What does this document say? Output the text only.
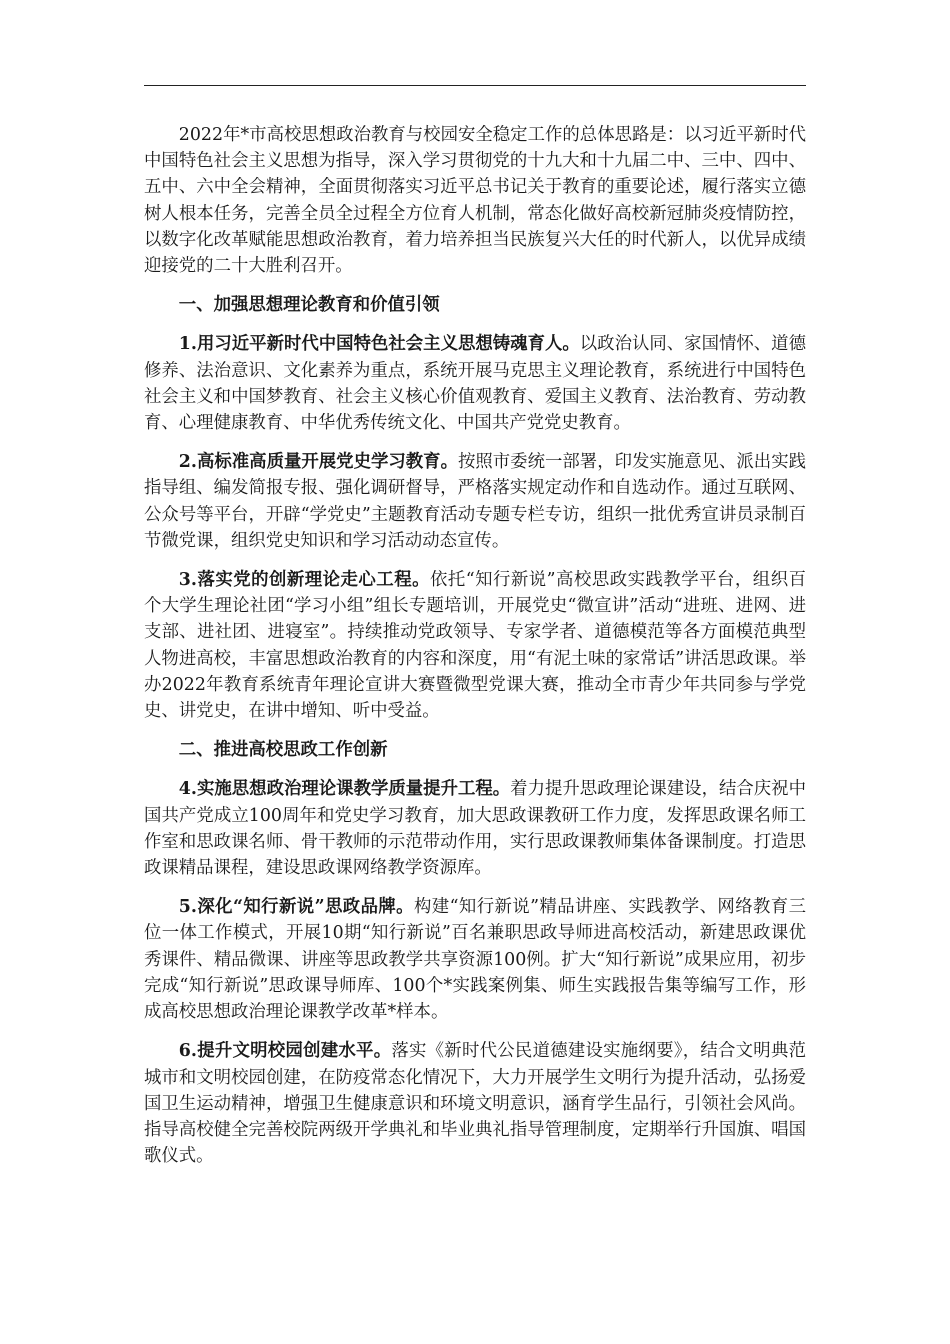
2022年*市高校思想政治教育与校园安全稳定工作的总体思路是：以习近平新时代中国特色社会主义思想为指导，深入学习贯彻党的十九大和十九届二中、三中、四中、五中、六中全会精神，全面贯彻落实习近平总书记关于教育的重要论述，履行落实立德树人根本任务，完善全员全过程全方位育人机制，常态化做好高校新冠肺炎疫情防控，以数字化改革赋能思想政治教育，着力培养担当民族复兴大任的时代新人，以优异成绩迎接党的二十大胜利召开。

一、加强思想理论教育和价值引领

1.用习近平新时代中国特色社会主义思想铸魂育人。以政治认同、家国情怀、道德修养、法治意识、文化素养为重点，系统开展马克思主义理论教育，系统进行中国特色社会主义和中国梦教育、社会主义核心价值观教育、爱国主义教育、法治教育、劳动教育、心理健康教育、中华优秀传统文化、中国共产党党史教育。

2.高标准高质量开展党史学习教育。按照市委统一部署，印发实施意见、派出实践指导组、编发简报专报、强化调研督导，严格落实规定动作和自选动作。通过互联网、公众号等平台，开辟“学党史”主题教育活动专题专栏专访，组织一批优秀宣讲员录制百节微党课，组织党史知识和学习活动动态宣传。

3.落实党的创新理论走心工程。依托“知行新说”高校思政实践教学平台，组织百个大学生理论社团“学习小组”组长专题培训，开展党史“微宣讲”活动“进班、进网、进支部、进社团、进寝室”。持续推动党政领导、专家学者、道德模范等各方面模范典型人物进高校，丰富思想政治教育的内容和深度，用“有泥土味的家常话”讲活思政课。举办2022年教育系统青年理论宣讲大赛暨微型党课大赛，推动全市青少年共同参与学党史、讲党史，在讲中增知、听中受益。

二、推进高校思政工作创新

4.实施思想政治理论课教学质量提升工程。着力提升思政理论课建设，结合庆祝中国共产党成立100周年和党史学习教育，加大思政课教研工作力度，发挥思政课名师工作室和思政课名师、骨干教师的示范带动作用，实行思政课教师集体备课制度。打造思政课精品课程，建设思政课网络教学资源库。

5.深化“知行新说”思政品牌。构建“知行新说”精品讲座、实践教学、网络教育三位一体工作模式，开展10期“知行新说”百名兼职思政导师进高校活动，新建思政课优秀课件、精品微课、讲座等思政教学共享资源100例。扩大“知行新说”成果应用，初步完成“知行新说”思政课导师库、100个*实践案例集、师生实践报告集等编写工作，形成高校思想政治理论课教学改革*样本。

6.提升文明校园创建水平。落实《新时代公民道德建设实施纲要》，结合文明典范城市和文明校园创建，在防疫常态化情况下，大力开展学生文明行为提升活动，弘扬爱国卫生运动精神，增强卫生健康意识和环境文明意识，涵育学生品行，引领社会风尚。指导高校健全完善校院两级开学典礼和毕业典礼指导管理制度，定期举行升国旗、唱国歌仪式。
